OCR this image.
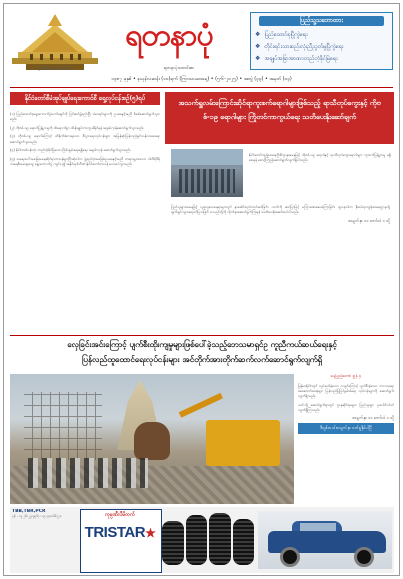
yadanarbon.com
ရတနာပုံ
ရတနာပုံသတင်းစာ
၁၃၈၇ ခုနှစ် • နယုန်လဆန်း (၁၀)ရက် (ကြာသပဒေးနေ့) • (၅-၆-၂၀၂၅) • အတွဲ (၃၃) • အမှတ် (၀၃)
ပြည်သူ့သဘောထား
❖ ပြည်ထောင်စုပြိုကွဲရေး
❖ တိုင်းရင်းသားစည်းလုံးညီညွတ်မှုပြိုကွဲရေး
❖ အချုပ်အခြာအာဏာတည်တံ့ခိုင်မြဲရေး
နိုင်ငံတော်စီမံအုပ်ချုပ်ရေးကောင်စီ ရှေ့လုပ်ငန်းစဉ်(၅)ရပ်

(၁) ပြည်ထောင်စုရွေးကောက်ပွဲကော်မရှင်ကို ပြင်ဆင်ဖွဲ့စည်းပြီး မဲစာရင်းများကို ဥပဒေနှင့်အညီ စိစစ်ဆောင်ရွက်သွားမည်။

(၂) ကိုဗစ်-၁၉ ရောဂါပြန့်ပွားမှုကို ထိရောက်စွာ ထိန်းချုပ်ကာကွယ်နိုင်ရန် အစွမ်းကုန်ဆောင်ရွက်သွားမည်။

(၃) ကိုဗစ်-၁၉ ရောဂါကြောင့် ထိခိုက်ခံစားရသော စီးပွားရေးလုပ်ငန်းများ အမြန်ဆုံးပြန်လည်ရှင်သန်လာစေရေး ဆောင်ရွက်သွားမည်။

(၄) နိုင်ငံတစ်ဝန်းလုံး တည်တံ့ခိုင်မြဲသော ငြိမ်းချမ်းရေးရရှိရေး အစွမ်းကုန် ဆောင်ရွက်သွားမည်။

(၅) အရေးပေါ်အခြေအနေဆိုင်ရာတာဝန်များပြီးဆုံးပါက ဖွဲ့စည်းပုံအခြေခံဥပဒေနှင့်အညီ တရားမျှတသော ပါတီစုံဒီမိုကရေစီအထွေထွေ ရွေးကောက်ပွဲ ကျင်းပ၍ အနိုင်ရပါတီထံ နိုင်ငံတော်တာဝန် ပေးအပ်သွားမည်။

အသက်ရှူလမ်းကြောင်းဆိုင်ရာကူးစက်ရောဂါများဖြစ်သည့် ရာသီတုပ်ကွေးနှင့် ကိုဗစ်-၁၉ ရောဂါများ ကြိုတင်ကာကွယ်ရေး သတိပေးနိုးဆော်ချက်

နိုင်ငံတော်ကျန်းမာရေးဦးစီးဌာနအနေဖြင့် ကိုဗစ်-၁၉ ရောဂါနှင့် ရာသီတုပ်ကွေးရောဂါများ ကူးစက်ပြန့်ပွားမှု မရှိစေရန် စောင့်ကြည့်ဆောင်ရွက်လျက်ရှိပါသည်။

ပြည်သူများအနေဖြင့် လူစုလူဝေးနေရာများတွင် နှာခေါင်းစည်းတပ်ဆင်ခြင်း၊ လက်ကို ဆပ်ပြာဖြင့် မကြာခဏဆေးကြောခြင်း၊ ဖျားနာပါက နီးစပ်ရာကျန်းမာရေးဌာနသို့ ချက်ချင်းသွားရောက်ပြသခြင်း စသည်တို့ကို လိုက်နာဆောင်ရွက်ကြရန် သတိပေးနိုးဆော်အပ်ပါသည်။

စာမျက်နှာ ၁၁ ကော်လံ ၁ သို့
လှေခြင်းအင်းကြောင့် ပျက်စီးထိုးကျမှုများဖြစ်ပေါ်ခဲ့သည့်ဘေသမာရှင်ဥ ကူညီကယ်ဆယ်ရေးနှင့်
ပြန်လည်ထူထောင်ရေးလုပ်ငန်းများ အင်တိုက်အားတိုက်ဆက်လက်ဆောင်ရွက်လျက်ရှိ
နေပြည်တော် ဇွန် ၄

မြန်မာနိုင်ငံတွင် လှုပ်ခတ်ခဲ့သော ငလျင်ကြောင့် ပျက်စီးခဲ့သော ဘာသာရေးအဆောက်အအုံများ ပြန်လည်ပြုပြင်မွမ်းမံရေး လုပ်ငန်းများကို ဆောင်ရွက်လျက်ရှိသည်။

ယင်းသို့ ဆောင်ရွက်ရာတွင် ဌာနဆိုင်ရာများ၊ ပြည်သူများ ပူးပေါင်းပါဝင်လျက်ရှိကြသည်။

စာမျက်နှာ ၁၁ ကော်လံ ၁ သို့
ဒီဂျစ်တယ်စာမျက်နှာ ဖတ်ရှုနိုင်ပါပြီ
TBB,TBR,PCR
ဖုန်း - ၀၉ ၂၆၁၂၂၃၄၅၆၇ ၊ ၀၉ ၄၄၈၈၆၆၇၇၈	ကုမ္ပဏီလီမိတက်
TRISTAR★
